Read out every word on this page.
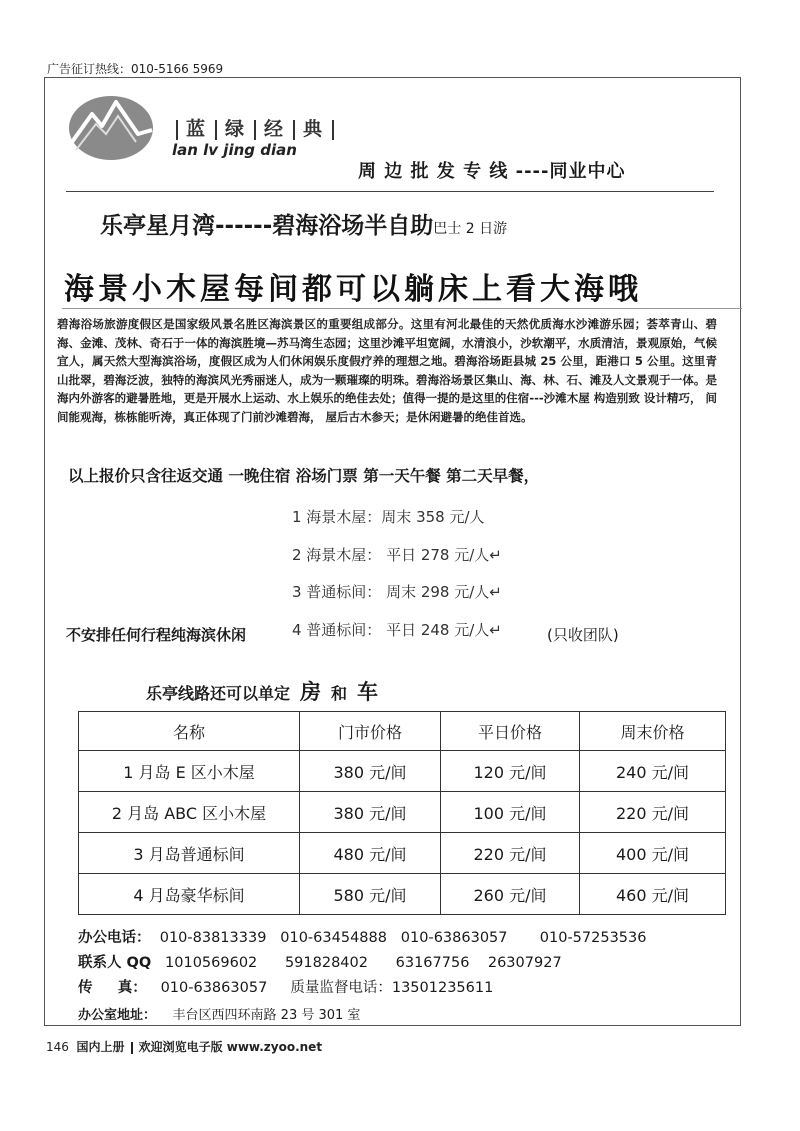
广告征订热线：010-5166 5969
蓝 绿 经 典
lan lv jing dian
周 边 批 发 专 线 ----同业中心
乐亭星月湾------碧海浴场半自助巴士 2 日游
海景小木屋每间都可以躺床上看大海哦
碧海浴场旅游度假区是国家级风景名胜区海滨景区的重要组成部分。这里有河北最佳的天然优质海水沙滩游乐园；荟萃青山、碧海、金滩、茂林、奇石于一体的海滨胜境—苏马湾生态园；这里沙滩平坦宽阔，水清浪小，沙软潮平，水质清洁，景观原始，气候宜人，属天然大型海滨浴场，度假区成为人们休闲娱乐度假疗养的理想之地。碧海浴场距县城 25 公里，距港口 5 公里。这里青山批翠，碧海泛波，独特的海滨风光秀丽迷人，成为一颗璀璨的明珠。碧海浴场景区集山、海、林、石、滩及人文景观于一体。是海内外游客的避暑胜地，更是开展水上运动、水上娱乐的绝佳去处；值得一提的是这里的住宿---沙滩木屋 构造别致 设计精巧， 间间能观海，栋栋能听涛，真正体现了门前沙滩碧海， 屋后古木参天；是休闲避暑的绝佳首选。
以上报价只含往返交通 一晚住宿 浴场门票 第一天午餐 第二天早餐，
1 海景木屋：周末 358 元/人
2 海景木屋： 平日 278 元/人↵
3 普通标间： 周末 298 元/人↵
4 普通标间： 平日 248 元/人↵
不安排任何行程纯海滨休闲	(只收团队)
乐亭线路还可以单定 房 和 车
名称	门市价格	平日价格	周末价格
1 月岛 E 区小木屋	380 元/间	120 元/间	240 元/间
2 月岛 ABC 区小木屋	380 元/间	100 元/间	220 元/间
3 月岛普通标间	480 元/间	220 元/间	400 元/间
4 月岛豪华标间	580 元/间	260 元/间	460 元/间
办公电话： 010-83813339   010-63454888   010-63863057       010-57253536
联系人 QQ 1010569602      591828402      63167756    26307927
传     真： 010-63863057 质量监督电话：13501235611
办公室地址： 丰台区西四环南路 23 号 301 室
146 国内上册 欢迎浏览电子版 www.zyoo.net
